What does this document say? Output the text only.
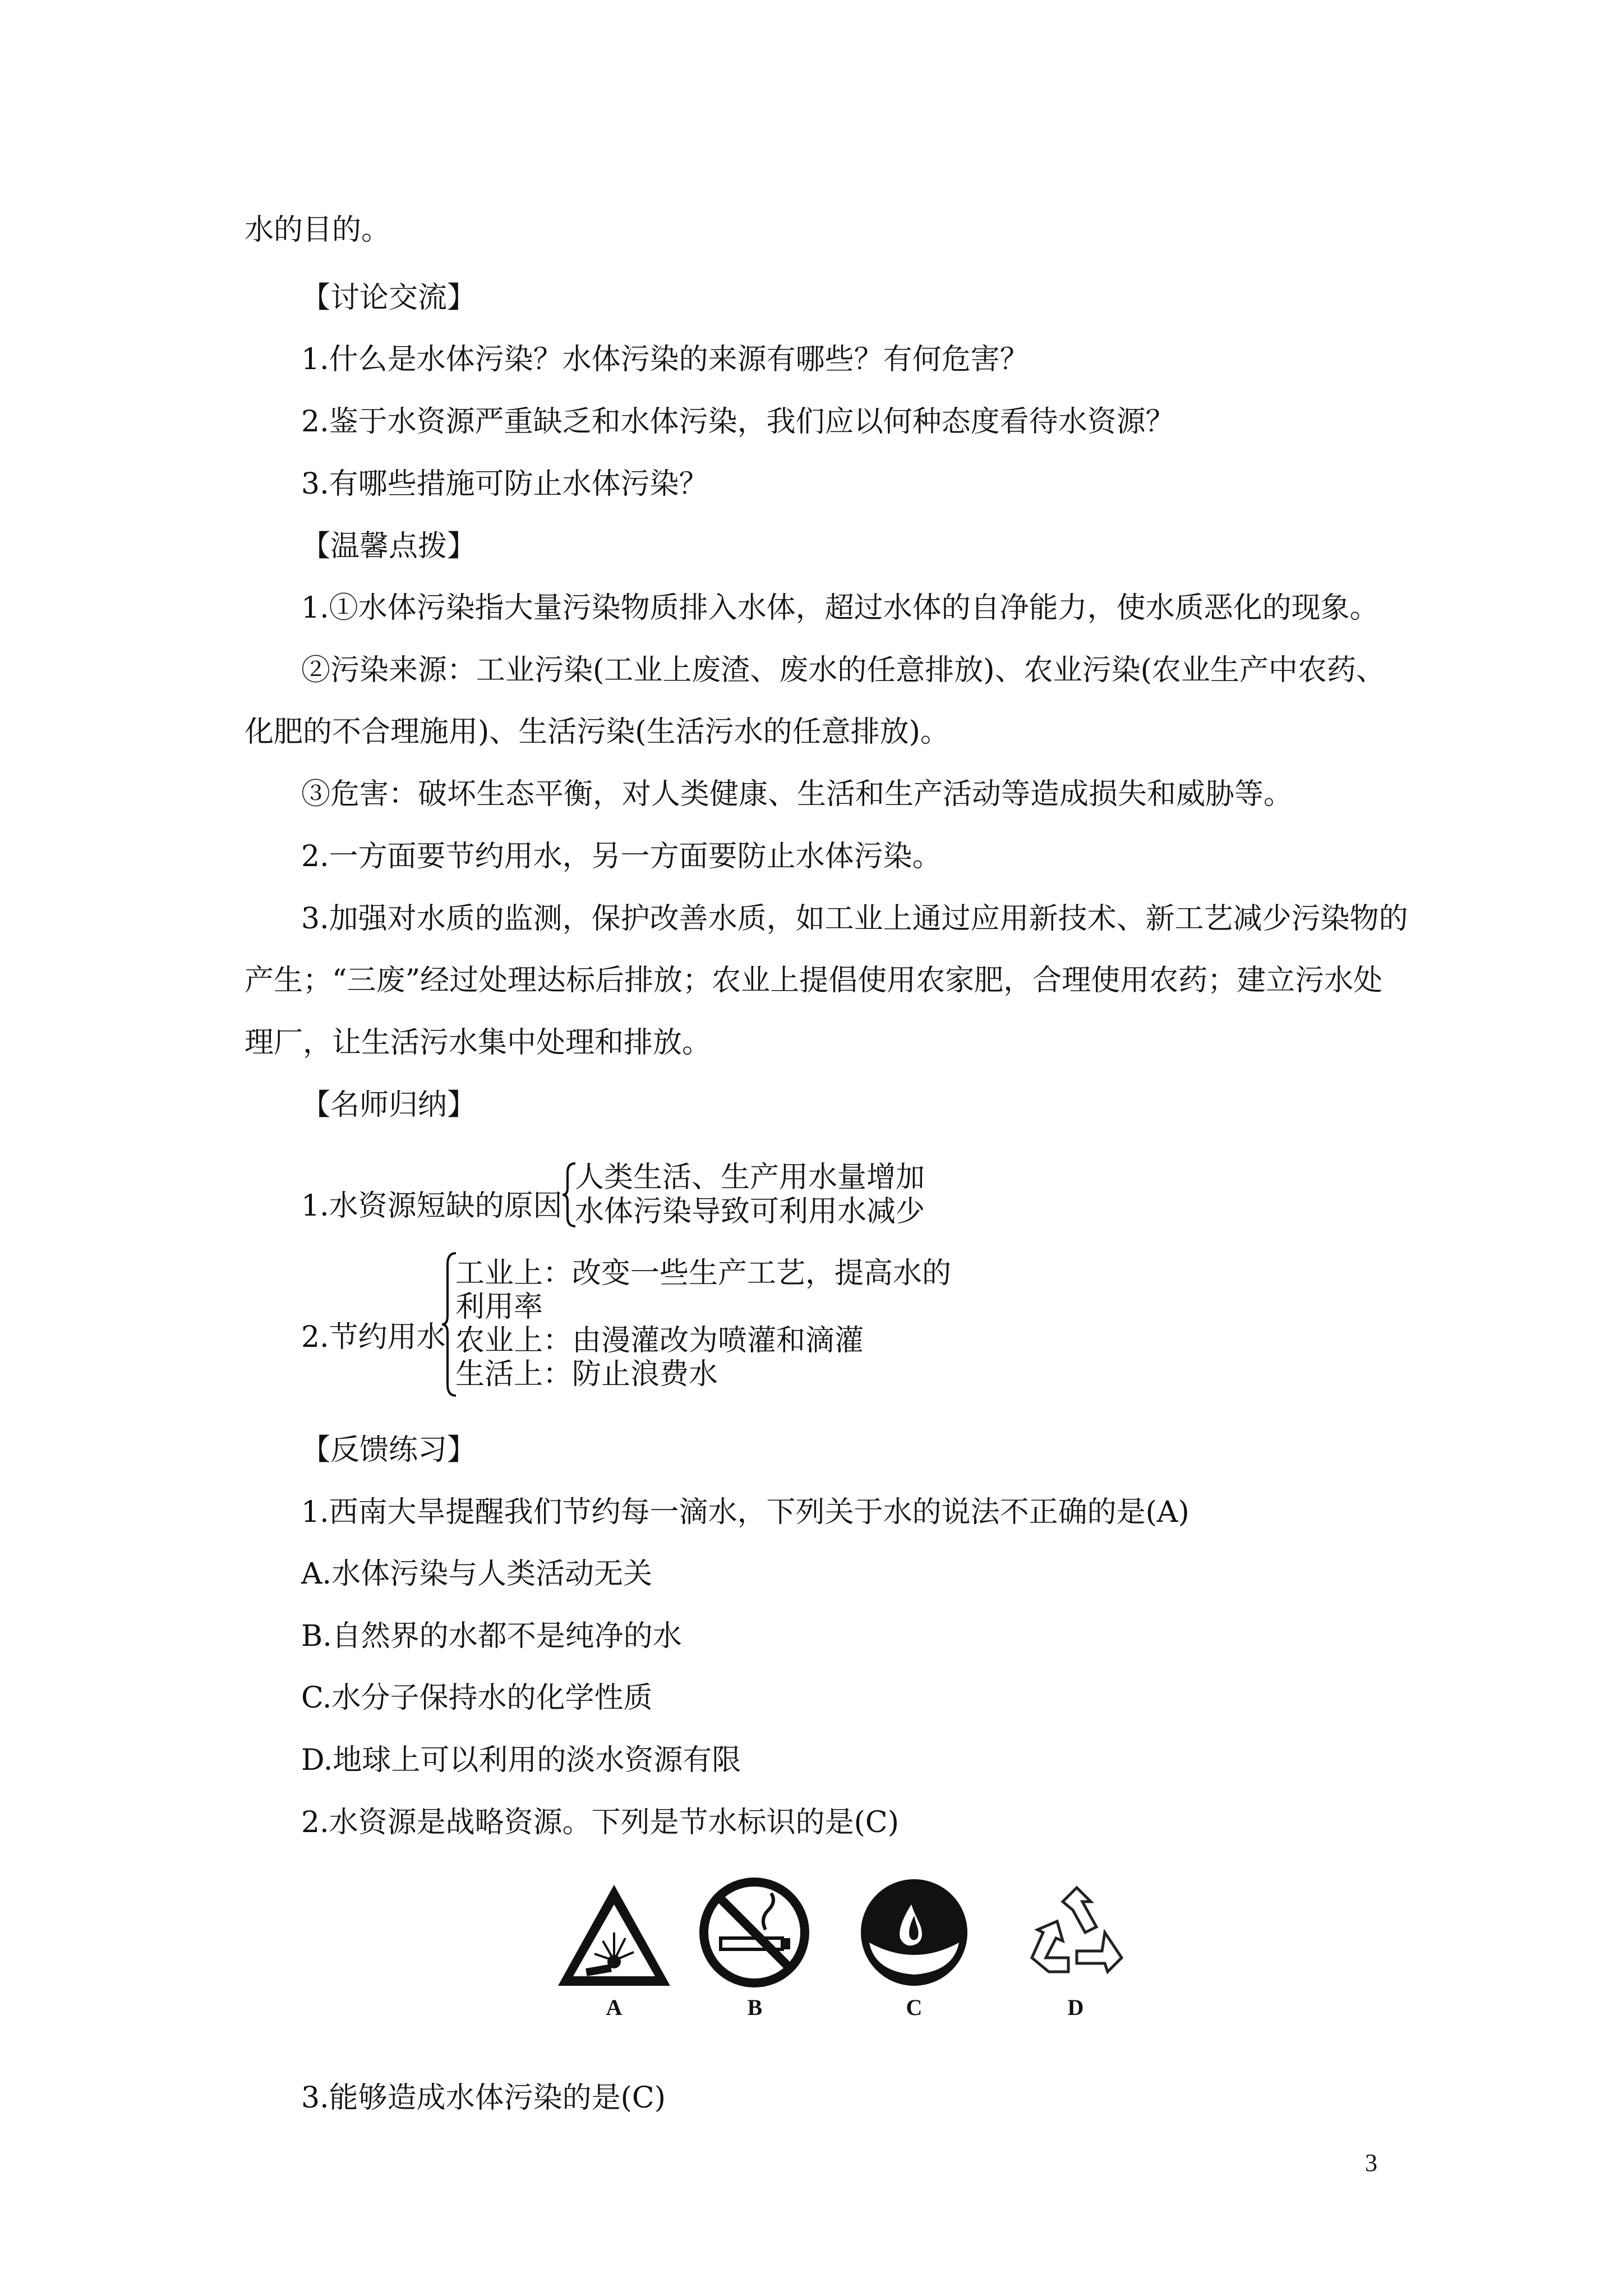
水的目的。
【讨论交流】
1.什么是水体污染？水体污染的来源有哪些？有何危害？
2.鉴于水资源严重缺乏和水体污染，我们应以何种态度看待水资源？
3.有哪些措施可防止水体污染？
【温馨点拨】
1.①水体污染指大量污染物质排入水体，超过水体的自净能力，使水质恶化的现象。
②污染来源：工业污染(工业上废渣、废水的任意排放)、农业污染(农业生产中农药、
化肥的不合理施用)、生活污染(生活污水的任意排放)。
③危害：破坏生态平衡，对人类健康、生活和生产活动等造成损失和威胁等。
2.一方面要节约用水，另一方面要防止水体污染。
3.加强对水质的监测，保护改善水质，如工业上通过应用新技术、新工艺减少污染物的
产生；“三废”经过处理达标后排放；农业上提倡使用农家肥，合理使用农药；建立污水处
理厂，让生活污水集中处理和排放。
【名师归纳】
1.水资源短缺的原因
人类生活、生产用水量增加
水体污染导致可利用水减少
2.节约用水
工业上：改变一些生产工艺，提高水的
利用率
农业上：由漫灌改为喷灌和滴灌
生活上：防止浪费水
【反馈练习】
1.西南大旱提醒我们节约每一滴水，下列关于水的说法不正确的是(A)
A.水体污染与人类活动无关
B.自然界的水都不是纯净的水
C.水分子保持水的化学性质
D.地球上可以利用的淡水资源有限
2.水资源是战略资源。下列是节水标识的是(C)
A	B	C	D
3.能够造成水体污染的是(C)
3
